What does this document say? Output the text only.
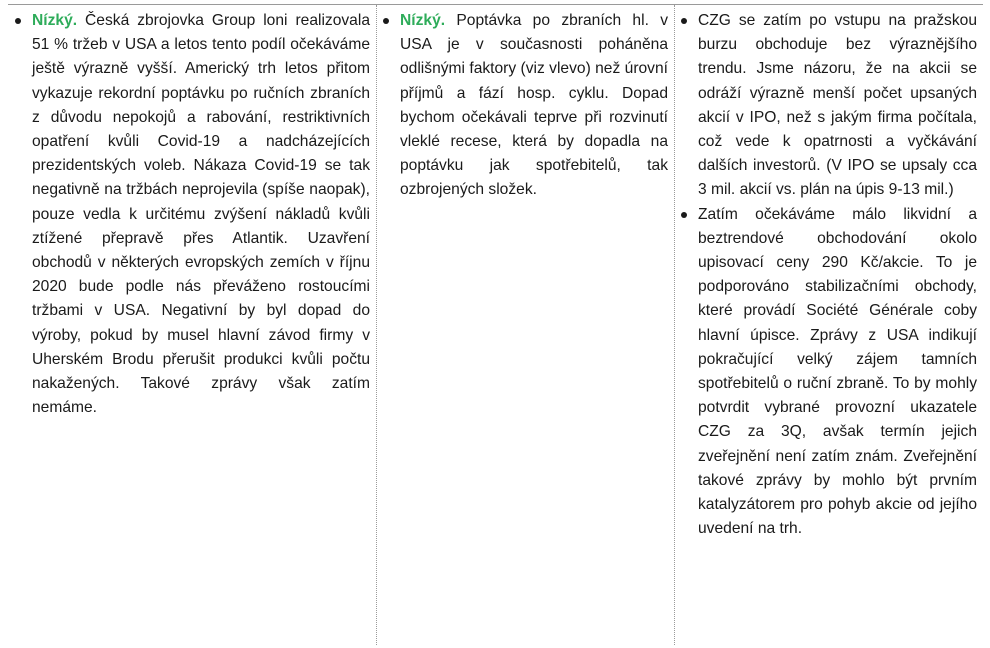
Nízký. Česká zbrojovka Group loni realizovala 51 % tržeb v USA a letos tento podíl očekáváme ještě výrazně vyšší. Americký trh letos přitom vykazuje rekordní poptávku po ručních zbraních z důvodu nepokojů a rabování, restriktivních opatření kvůli Covid-19 a nadcházejících prezidentských voleb. Nákaza Covid-19 se tak negativně na tržbách neprojevila (spíše naopak), pouze vedla k určitému zvýšení nákladů kvůli ztížené přepravě přes Atlantik. Uzavření obchodů v některých evropských zemích v říjnu 2020 bude podle nás převáženo rostoucími tržbami v USA. Negativní by byl dopad do výroby, pokud by musel hlavní závod firmy v Uherském Brodu přerušit produkci kvůli počtu nakažených. Takové zprávy však zatím nemáme.
Nízký. Poptávka po zbraních hl. v USA je v současnosti poháněna odlišnými faktory (viz vlevo) než úrovní příjmů a fází hosp. cyklu. Dopad bychom očekávali teprve při rozvinutí vleklé recese, která by dopadla na poptávku jak spotřebitelů, tak ozbrojených složek.
CZG se zatím po vstupu na pražskou burzu obchoduje bez výraznějšího trendu. Jsme názoru, že na akcii se odráží výrazně menší počet upsaných akcií v IPO, než s jakým firma počítala, což vede k opatrnosti a vyčkávání dalších investorů. (V IPO se upsaly cca 3 mil. akcií vs. plán na úpis 9-13 mil.)
Zatím očekáváme málo likvidní a beztrendové obchodování okolo upisovací ceny 290 Kč/akcie. To je podporováno stabilizačními obchody, které provádí Société Générale coby hlavní úpisce. Zprávy z USA indikují pokračující velký zájem tamních spotřebitelů o ruční zbraně. To by mohly potvrdit vybrané provozní ukazatele CZG za 3Q, avšak termín jejich zveřejnění není zatím znám. Zveřejnění takové zprávy by mohlo být prvním katalyzátorem pro pohyb akcie od jejího uvedení na trh.
